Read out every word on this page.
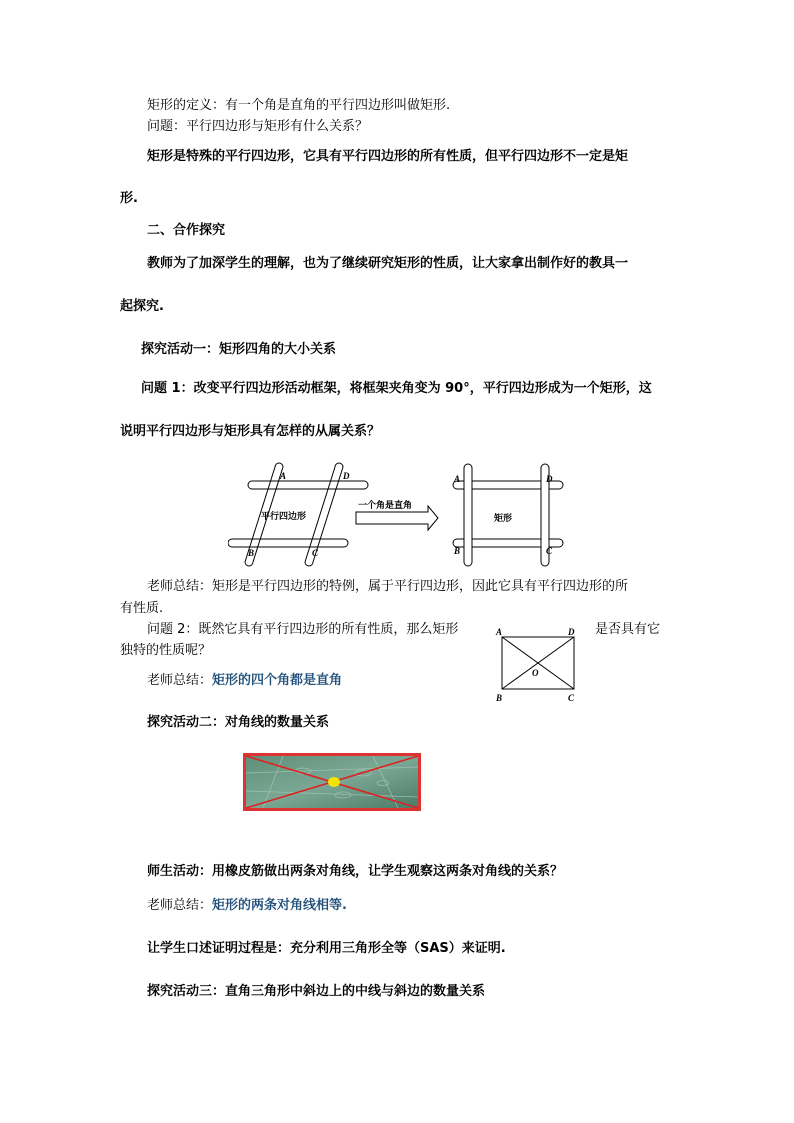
矩形的定义：有一个角是直角的平行四边形叫做矩形.
问题：平行四边形与矩形有什么关系？
矩形是特殊的平行四边形，它具有平行四边形的所有性质，但平行四边形不一定是矩
形.
二、合作探究
教师为了加深学生的理解，也为了继续研究矩形的性质，让大家拿出制作好的教具一
起探究.
探究活动一：矩形四角的大小关系
问题 1：改变平行四边形活动框架，将框架夹角变为 90°，平行四边形成为一个矩形，这
说明平行四边形与矩形具有怎样的从属关系？
A	D
B	C
A	D
B	C
平行四边形
一个角是直角
矩形
老师总结：矩形是平行四边形的特例，属于平行四边形，因此它具有平行四边形的所
有性质.
问题 2：既然它具有平行四边形的所有性质，那么矩形	是否具有它
独特的性质呢？
A	D
B	C
O
老师总结：矩形的四个角都是直角
探究活动二：对角线的数量关系
师生活动：用橡皮筋做出两条对角线，让学生观察这两条对角线的关系？
老师总结：矩形的两条对角线相等.
让学生口述证明过程是：充分利用三角形全等（SAS）来证明.
探究活动三：直角三角形中斜边上的中线与斜边的数量关系
